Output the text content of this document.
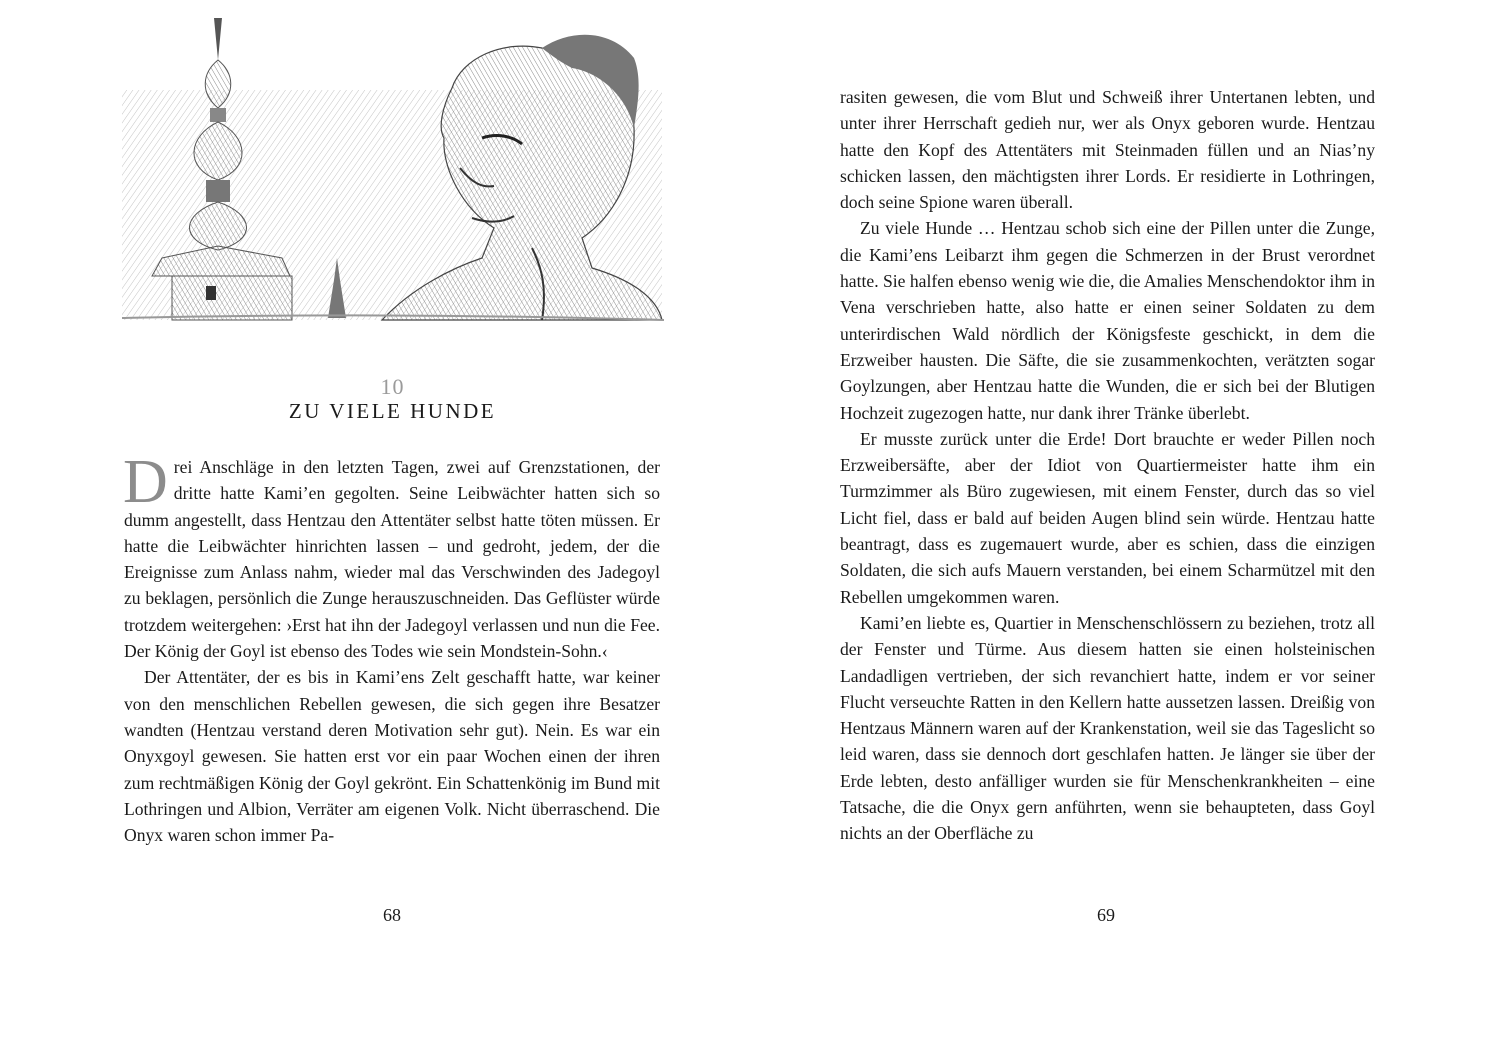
10
ZU VIELE HUNDE

Drei Anschläge in den letzten Tagen, zwei auf Grenzstationen, der dritte hatte Kami’en gegolten. Seine Leibwächter hatten sich so dumm angestellt, dass Hentzau den Attentäter selbst hatte töten müssen. Er hatte die Leibwächter hinrichten lassen – und gedroht, jedem, der die Ereignisse zum Anlass nahm, wieder mal das Verschwinden des Jadegoyl zu beklagen, persönlich die Zunge herauszuschneiden. Das Geflüster würde trotzdem weitergehen: ›Erst hat ihn der Jadegoyl verlassen und nun die Fee. Der König der Goyl ist ebenso des Todes wie sein Mondstein-Sohn.‹

Der Attentäter, der es bis in Kami’ens Zelt geschafft hatte, war keiner von den menschlichen Rebellen gewesen, die sich gegen ihre Besatzer wandten (Hentzau verstand deren Motivation sehr gut). Nein. Es war ein Onyxgoyl gewesen. Sie hatten erst vor ein paar Wochen einen der ihren zum rechtmäßigen König der Goyl gekrönt. Ein Schattenkönig im Bund mit Lothringen und Albion, Verräter am eigenen Volk. Nicht überraschend. Die Onyx waren schon immer Pa-

68

rasiten gewesen, die vom Blut und Schweiß ihrer Untertanen lebten, und unter ihrer Herrschaft gedieh nur, wer als Onyx geboren wurde. Hentzau hatte den Kopf des Attentäters mit Steinmaden füllen und an Nias’ny schicken lassen, den mächtigsten ihrer Lords. Er residierte in Lothringen, doch seine Spione waren überall.

Zu viele Hunde … Hentzau schob sich eine der Pillen unter die Zunge, die Kami’ens Leibarzt ihm gegen die Schmerzen in der Brust verordnet hatte. Sie halfen ebenso wenig wie die, die Amalies Menschendoktor ihm in Vena verschrieben hatte, also hatte er einen seiner Soldaten zu dem unterirdischen Wald nördlich der Königsfeste geschickt, in dem die Erzweiber hausten. Die Säfte, die sie zusammenkochten, verätzten sogar Goylzungen, aber Hentzau hatte die Wunden, die er sich bei der Blutigen Hochzeit zugezogen hatte, nur dank ihrer Tränke überlebt.

Er musste zurück unter die Erde! Dort brauchte er weder Pillen noch Erzweibersäfte, aber der Idiot von Quartiermeister hatte ihm ein Turmzimmer als Büro zugewiesen, mit einem Fenster, durch das so viel Licht fiel, dass er bald auf beiden Augen blind sein würde. Hentzau hatte beantragt, dass es zugemauert wurde, aber es schien, dass die einzigen Soldaten, die sich aufs Mauern verstanden, bei einem Scharmützel mit den Rebellen umgekommen waren.

Kami’en liebte es, Quartier in Menschenschlössern zu beziehen, trotz all der Fenster und Türme. Aus diesem hatten sie einen holsteinischen Landadligen vertrieben, der sich revanchiert hatte, indem er vor seiner Flucht verseuchte Ratten in den Kellern hatte aussetzen lassen. Dreißig von Hentzaus Männern waren auf der Krankenstation, weil sie das Tageslicht so leid waren, dass sie dennoch dort geschlafen hatten. Je länger sie über der Erde lebten, desto anfälliger wurden sie für Menschenkrankheiten – eine Tatsache, die die Onyx gern anführten, wenn sie behaupteten, dass Goyl nichts an der Oberfläche zu

69
